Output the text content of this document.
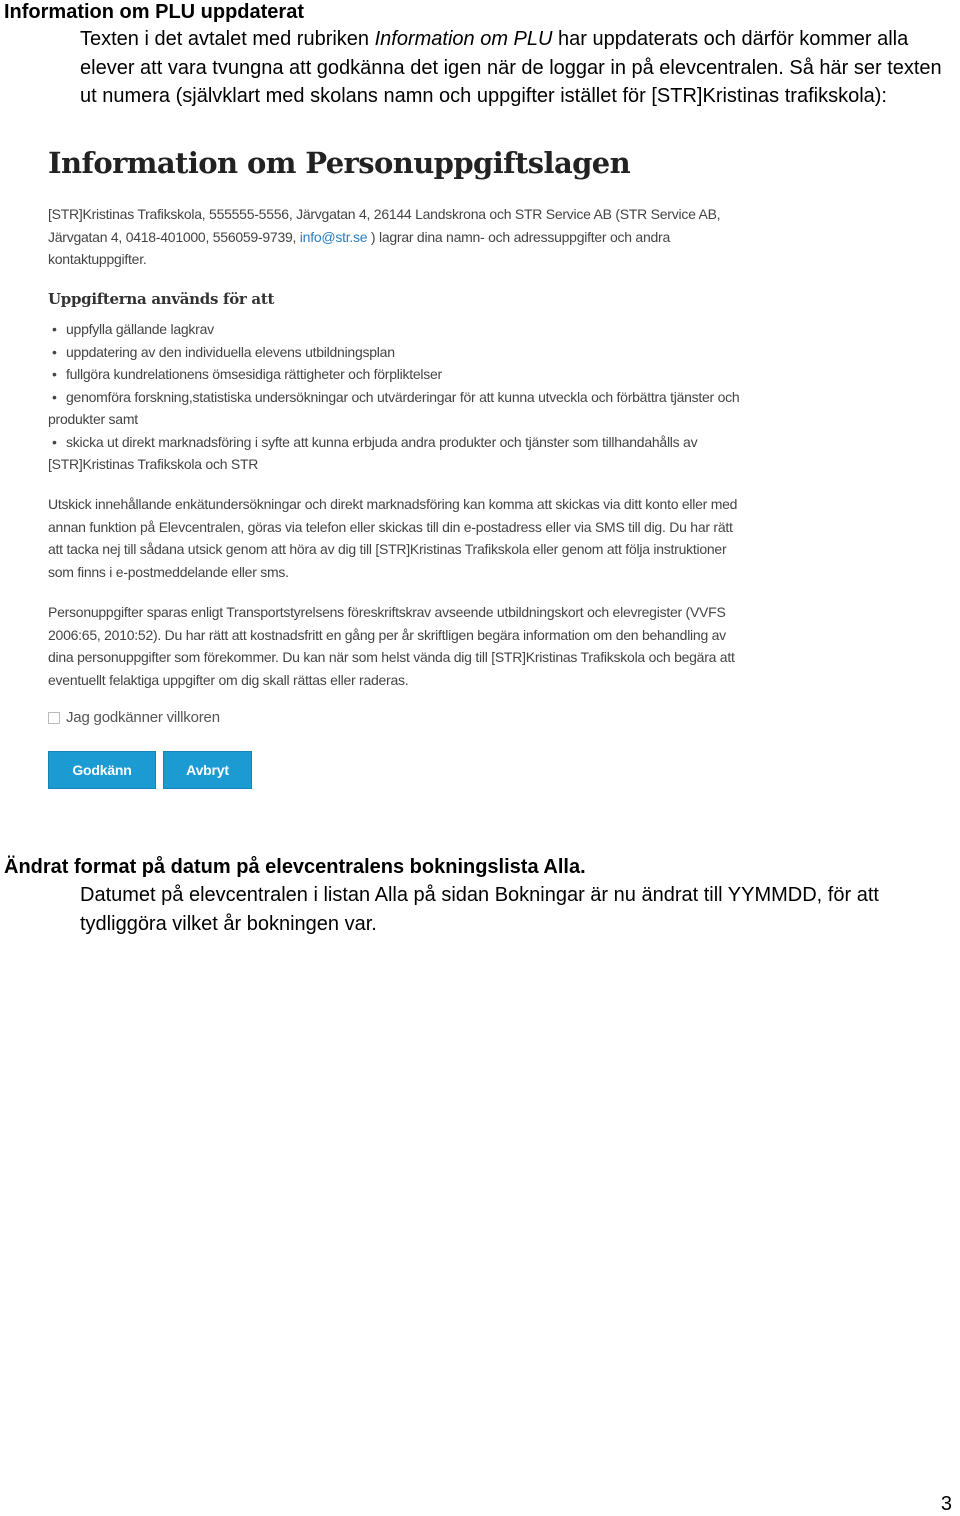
Information om PLU uppdaterat

Texten i det avtalet med rubriken Information om PLU har uppdaterats och därför kommer alla elever att vara tvungna att godkänna det igen när de loggar in på elevcentralen. Så här ser texten ut numera (självklart med skolans namn och uppgifter istället för [STR]Kristinas trafikskola):

Information om Personuppgiftslagen

[STR]Kristinas Trafikskola, 555555-5556, Järvgatan 4, 26144 Landskrona och STR Service AB (STR Service AB, Järvgatan 4, 0418-401000, 556059-9739, info@str.se ) lagrar dina namn- och adressuppgifter och andra kontaktuppgifter.

Uppgifterna används för att
• uppfylla gällande lagkrav
• uppdatering av den individuella elevens utbildningsplan
• fullgöra kundrelationens ömsesidiga rättigheter och förpliktelser
• genomföra forskning,statistiska undersökningar och utvärderingar för att kunna utveckla och förbättra tjänster och produkter samt
• skicka ut direkt marknadsföring i syfte att kunna erbjuda andra produkter och tjänster som tillhandahålls av [STR]Kristinas Trafikskola och STR

Utskick innehållande enkätundersökningar och direkt marknadsföring kan komma att skickas via ditt konto eller med annan funktion på Elevcentralen, göras via telefon eller skickas till din e-postadress eller via SMS till dig. Du har rätt att tacka nej till sådana utsick genom att höra av dig till [STR]Kristinas Trafikskola eller genom att följa instruktioner som finns i e-postmeddelande eller sms.

Personuppgifter sparas enligt Transportstyrelsens föreskriftskrav avseende utbildningskort och elevregister (VVFS 2006:65, 2010:52). Du har rätt att kostnadsfritt en gång per år skriftligen begära information om den behandling av dina personuppgifter som förekommer. Du kan när som helst vända dig till [STR]Kristinas Trafikskola och begära att eventuellt felaktiga uppgifter om dig skall rättas eller raderas.

Jag godkänner villkoren
Godkänn	Avbryt
Ändrat format på datum på elevcentralens bokningslista Alla.

Datumet på elevcentralen i listan Alla på sidan Bokningar är nu ändrat till YYMMDD, för att tydliggöra vilket år bokningen var.

3
